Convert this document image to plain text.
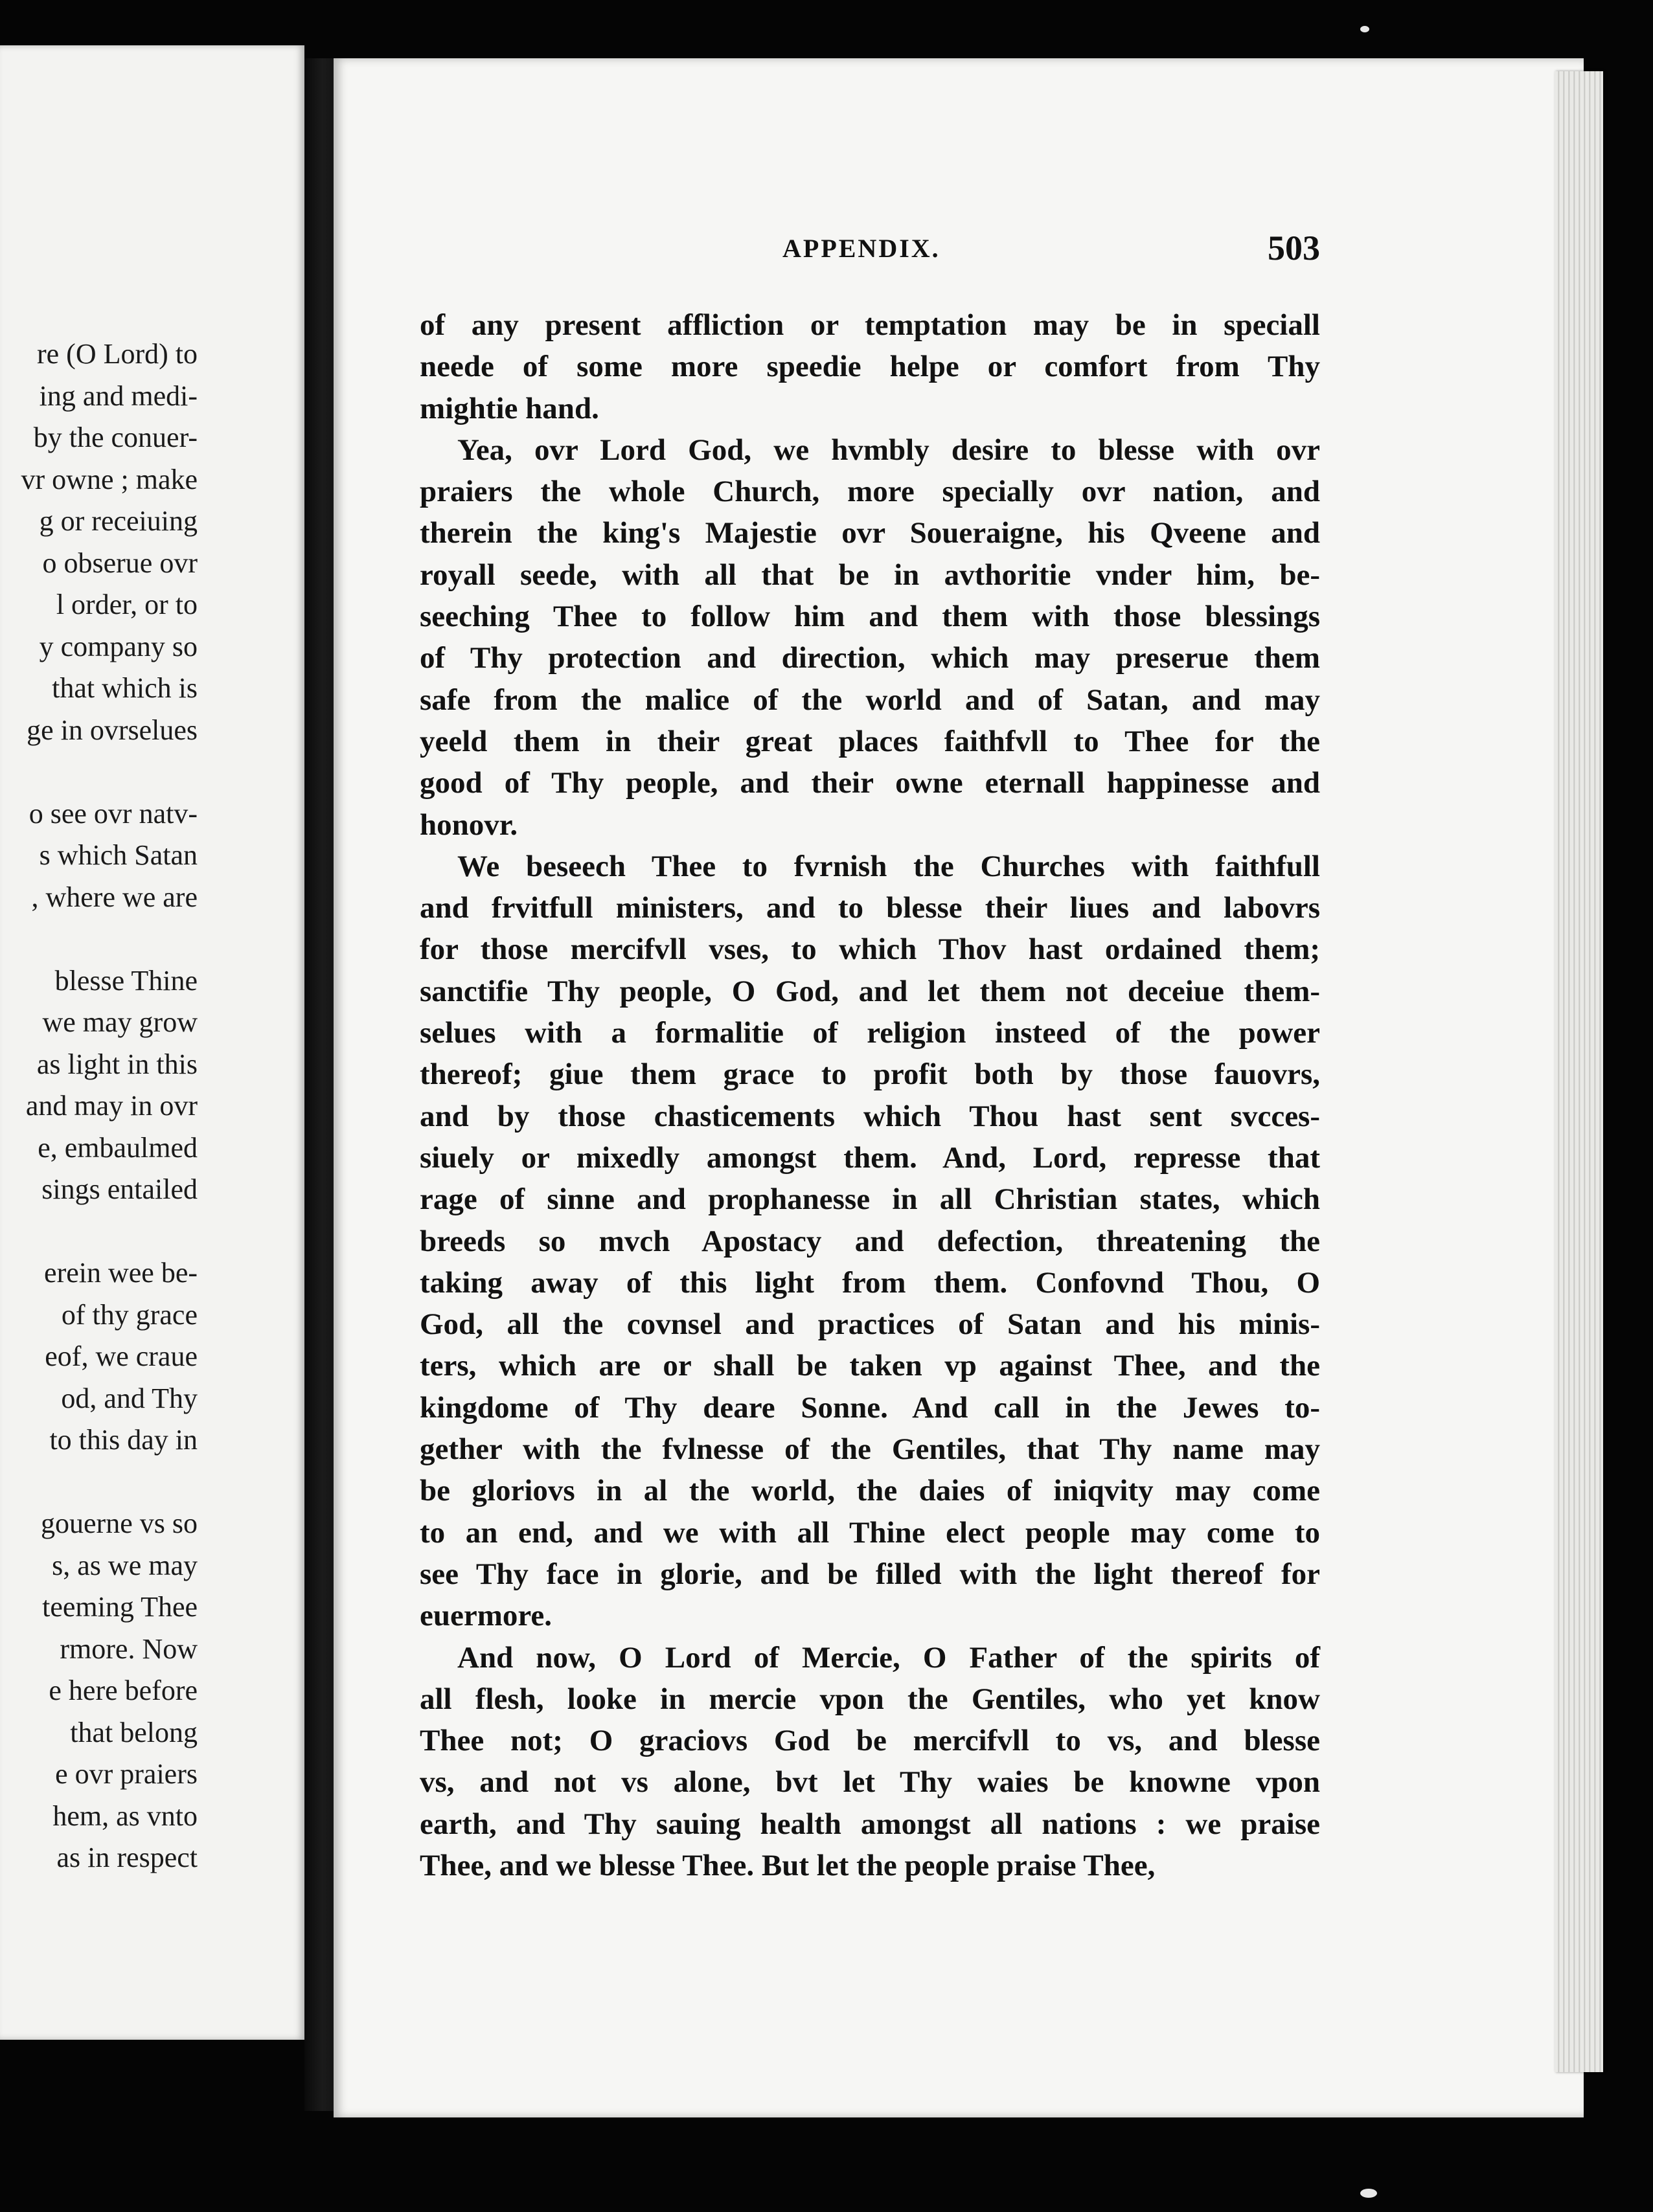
re (O Lord) to
ing and medi-
by the conuer-
vr owne ; make
g or receiuing
o obserue ovr
l order, or to
y company so
that which is
ge in ovrselues
o see ovr natv-
s which Satan
, where we are
blesse Thine
we may grow
as light in this
and may in ovr
e, embaulmed
sings entailed
erein wee be-
of thy grace
eof, we craue
od, and Thy
to this day in
gouerne vs so
s, as we may
teeming Thee
rmore. Now
e here before
that belong
e ovr praiers
hem, as vnto
as in respect
APPENDIX.	503
of any present affliction or temptation may be in speciall
neede of some more speedie helpe or comfort from Thy
mightie hand.
Yea, ovr Lord God, we hvmbly desire to blesse with ovr
praiers the whole Church, more specially ovr nation, and
therein the king's Majestie ovr Soueraigne, his Qveene and
royall seede, with all that be in avthoritie vnder him, be-
seeching Thee to follow him and them with those blessings
of Thy protection and direction, which may preserue them
safe from the malice of the world and of Satan, and may
yeeld them in their great places faithfvll to Thee for the
good of Thy people, and their owne eternall happinesse and
honovr.
We beseech Thee to fvrnish the Churches with faithfull
and frvitfull ministers, and to blesse their liues and labovrs
for those mercifvll vses, to which Thov hast ordained them;
sanctifie Thy people, O God, and let them not deceiue them-
selues with a formalitie of religion insteed of the power
thereof; giue them grace to profit both by those fauovrs,
and by those chasticements which Thou hast sent svcces-
siuely or mixedly amongst them. And, Lord, represse that
rage of sinne and prophanesse in all Christian states, which
breeds so mvch Apostacy and defection, threatening the
taking away of this light from them. Confovnd Thou, O
God, all the covnsel and practices of Satan and his minis-
ters, which are or shall be taken vp against Thee, and the
kingdome of Thy deare Sonne. And call in the Jewes to-
gether with the fvlnesse of the Gentiles, that Thy name may
be gloriovs in al the world, the daies of iniqvity may come
to an end, and we with all Thine elect people may come to
see Thy face in glorie, and be filled with the light thereof for
euermore.
And now, O Lord of Mercie, O Father of the spirits of
all flesh, looke in mercie vpon the Gentiles, who yet know
Thee not; O graciovs God be mercifvll to vs, and blesse
vs, and not vs alone, bvt let Thy waies be knowne vpon
earth, and Thy sauing health amongst all nations : we praise
Thee, and we blesse Thee. But let the people praise Thee,
